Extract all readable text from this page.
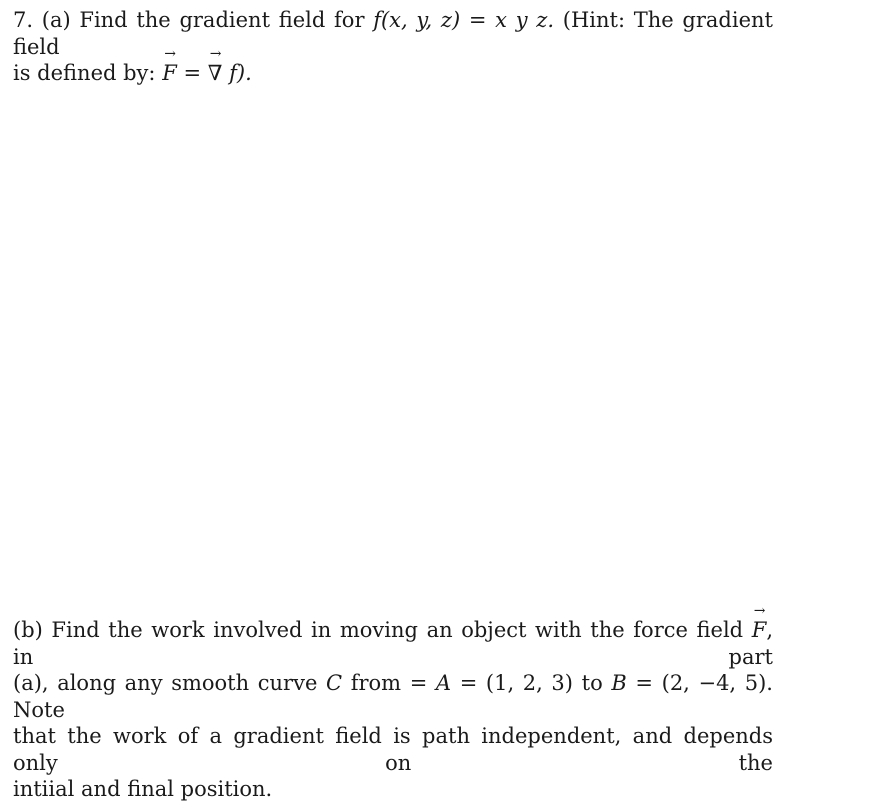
7. (a) Find the gradient field for f(x, y, z) = x y z. (Hint: The gradient field
is defined by:
→
F =
→
∇ f).
(b) Find the work involved in moving an object with the force field
→
F, in part
(a), along any smooth curve C from = A = (1, 2, 3) to B = (2, −4, 5). Note
that the work of a gradient field is path independent, and depends only on the
intiial and final position.
